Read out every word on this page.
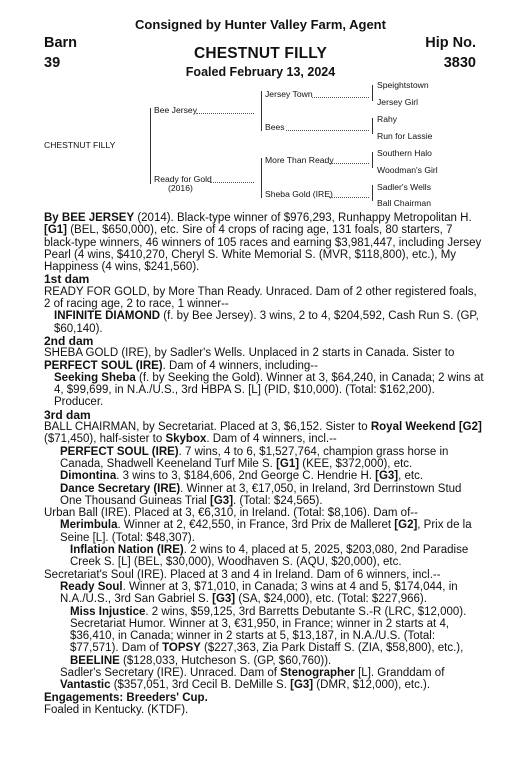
Consigned by Hunter Valley Farm, Agent
Barn
39
Hip No.
3830
CHESTNUT FILLY
Foaled February 13, 2024
CHESTNUT FILLY
Bee Jersey
Ready for Gold
(2016)
Jersey Town
Bees
More Than Ready
Sheba Gold (IRE)
Speightstown
Jersey Girl
Rahy
Run for Lassie
Southern Halo
Woodman's Girl
Sadler's Wells
Ball Chairman

By BEE JERSEY (2014). Black-type winner of $976,293, Runhappy Metropolitan H. [G1] (BEL, $650,000), etc. Sire of 4 crops of racing age, 131 foals, 80 starters, 7 black-type winners, 46 winners of 105 races and earning $3,981,447, including Jersey Pearl (4 wins, $410,270, Cheryl S. White Memorial S. (MVR, $118,800), etc.), My Happiness (4 wins, $241,560).

1st dam

READY FOR GOLD, by More Than Ready. Unraced. Dam of 2 other registered foals, 2 of racing age, 2 to race, 1 winner--

INFINITE DIAMOND (f. by Bee Jersey). 3 wins, 2 to 4, $204,592, Cash Run S. (GP, $60,140).

2nd dam

SHEBA GOLD (IRE), by Sadler's Wells. Unplaced in 2 starts in Canada. Sister to PERFECT SOUL (IRE). Dam of 4 winners, including--

Seeking Sheba (f. by Seeking the Gold). Winner at 3, $64,240, in Canada; 2 wins at 4, $99,699, in N.A./U.S., 3rd HBPA S. [L] (PID, $10,000). (Total: $162,200). Producer.

3rd dam

BALL CHAIRMAN, by Secretariat. Placed at 3, $6,152. Sister to Royal Weekend [G2] ($71,450), half-sister to Skybox. Dam of 4 winners, incl.--

PERFECT SOUL (IRE). 7 wins, 4 to 6, $1,527,764, champion grass horse in Canada, Shadwell Keeneland Turf Mile S. [G1] (KEE, $372,000), etc.

Dimontina. 3 wins to 3, $184,606, 2nd George C. Hendrie H. [G3], etc.

Dance Secretary (IRE). Winner at 3, €17,050, in Ireland, 3rd Derrinstown Stud One Thousand Guineas Trial [G3]. (Total: $24,565).

Urban Ball (IRE). Placed at 3, €6,310, in Ireland. (Total: $8,106). Dam of--

Merimbula. Winner at 2, €42,550, in France, 3rd Prix de Malleret [G2], Prix de la Seine [L]. (Total: $48,307).

Inflation Nation (IRE). 2 wins to 4, placed at 5, 2025, $203,080, 2nd Paradise Creek S. [L] (BEL, $30,000), Woodhaven S. (AQU, $20,000), etc.

Secretariat's Soul (IRE). Placed at 3 and 4 in Ireland. Dam of 6 winners, incl.--

Ready Soul. Winner at 3, $71,010, in Canada; 3 wins at 4 and 5, $174,044, in N.A./U.S., 3rd San Gabriel S. [G3] (SA, $24,000), etc. (Total: $227,966).

Miss Injustice. 2 wins, $59,125, 3rd Barretts Debutante S.-R (LRC, $12,000).

Secretariat Humor. Winner at 3, €31,950, in France; winner in 2 starts at 4, $36,410, in Canada; winner in 2 starts at 5, $13,187, in N.A./U.S. (Total: $77,571). Dam of TOPSY ($227,363, Zia Park Distaff S. (ZIA, $58,800), etc.), BEELINE ($128,033, Hutcheson S. (GP, $60,760)).

Sadler's Secretary (IRE). Unraced. Dam of Stenographer [L]. Granddam of Vantastic ($357,051, 3rd Cecil B. DeMille S. [G3] (DMR, $12,000), etc.).

Engagements: Breeders' Cup.

Foaled in Kentucky. (KTDF).
